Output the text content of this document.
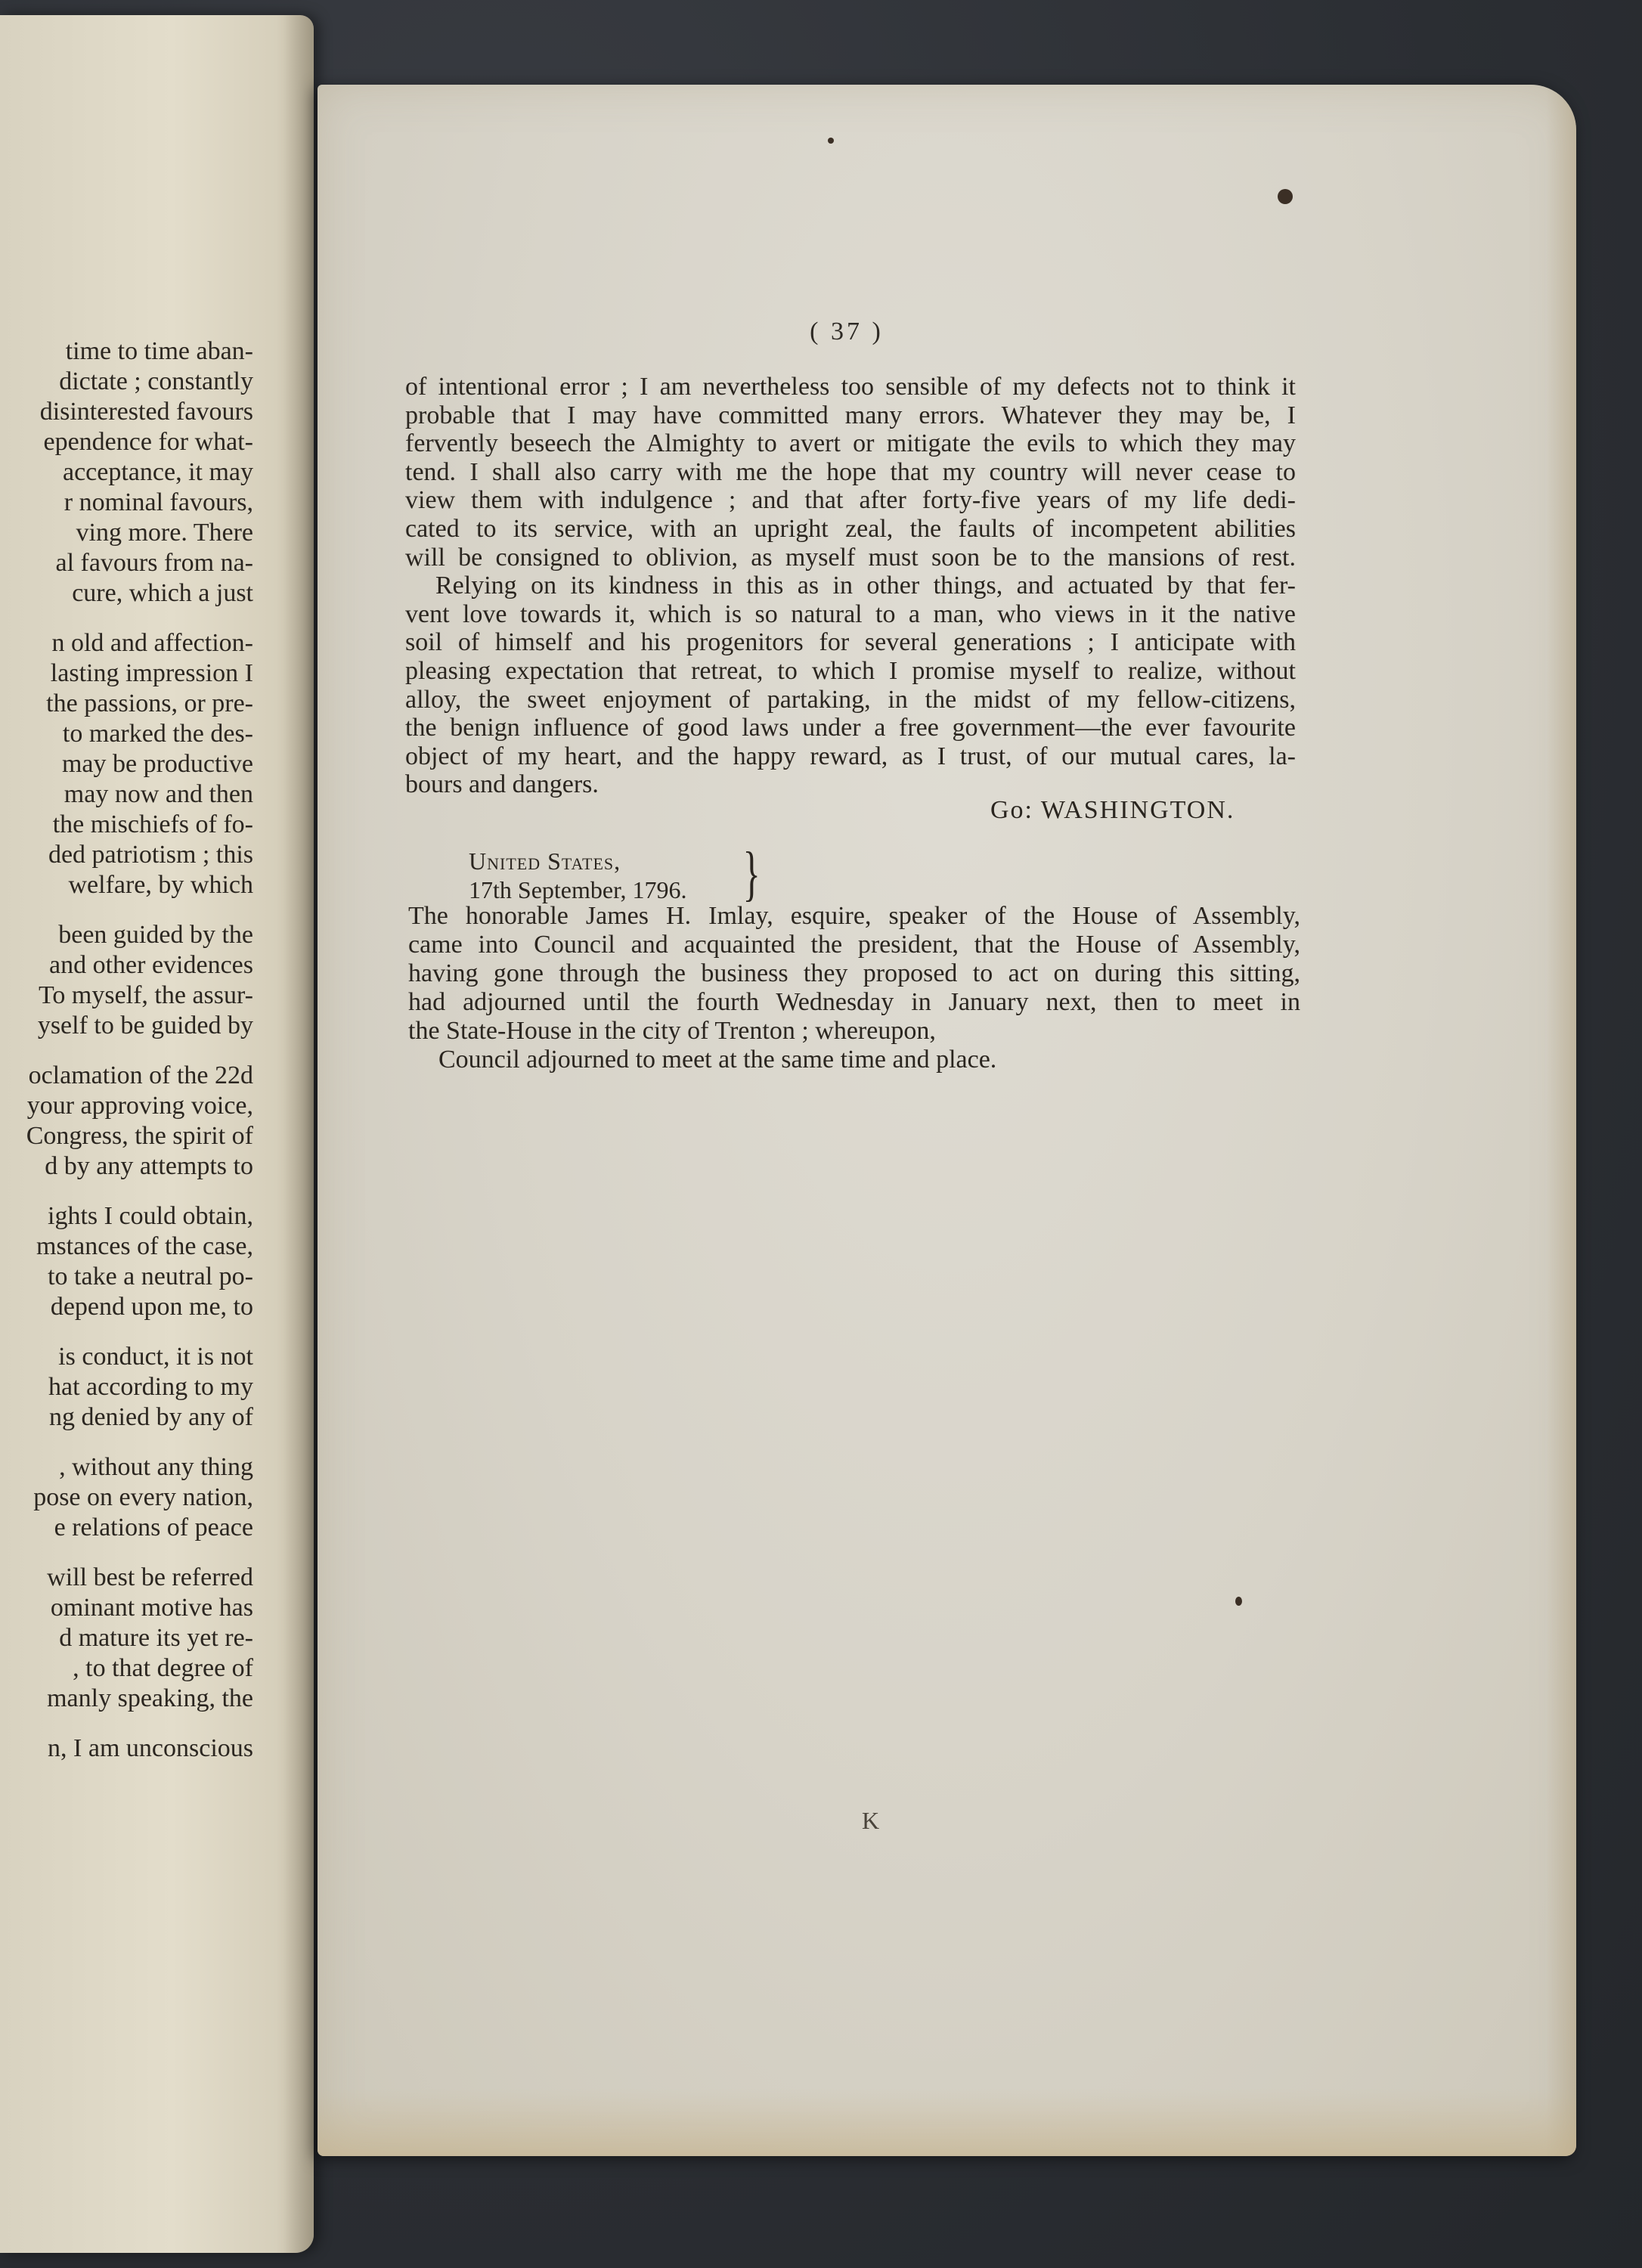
time to time aban-
dictate ; constantly
disinterested favours
ependence for what-
acceptance, it may
r nominal favours,
ving more. There
al favours from na-
cure, which a just
n old and affection-
lasting impression I
the passions, or pre-
to marked the des-
may be productive
may now and then
the mischiefs of fo-
ded patriotism ; this
welfare, by which
been guided by the
and other evidences
To myself, the assur-
yself to be guided by
oclamation of the 22d
your approving voice,
Congress, the spirit of
d by any attempts to
ights I could obtain,
mstances of the case,
to take a neutral po-
depend upon me, to
is conduct, it is not
hat according to my
ng denied by any of
, without any thing
pose on every nation,
e relations of peace
will best be referred
ominant motive has
d mature its yet re-
, to that degree of
manly speaking, the
n, I am unconscious
( 37 )
of intentional error ; I am nevertheless too sensible of my defects not to think it
probable that I may have committed many errors. Whatever they may be, I
fervently beseech the Almighty to avert or mitigate the evils to which they may
tend. I shall also carry with me the hope that my country will never cease to
view them with indulgence ; and that after forty-five years of my life dedi-
cated to its service, with an upright zeal, the faults of incompetent abilities
will be consigned to oblivion, as myself must soon be to the mansions of rest.
Relying on its kindness in this as in other things, and actuated by that fer-
vent love towards it, which is so natural to a man, who views in it the native
soil of himself and his progenitors for several generations ; I anticipate with
pleasing expectation that retreat, to which I promise myself to realize, without
alloy, the sweet enjoyment of partaking, in the midst of my fellow-citizens,
the benign influence of good laws under a free government—the ever favourite
object of my heart, and the happy reward, as I trust, of our mutual cares, la-
bours and dangers.
Go: WASHINGTON.
United States,
17th September, 1796. }
The honorable James H. Imlay, esquire, speaker of the House of Assembly,
came into Council and acquainted the president, that the House of Assembly,
having gone through the business they proposed to act on during this sitting,
had adjourned until the fourth Wednesday in January next, then to meet in
the State-House in the city of Trenton ; whereupon,
Council adjourned to meet at the same time and place.
K
